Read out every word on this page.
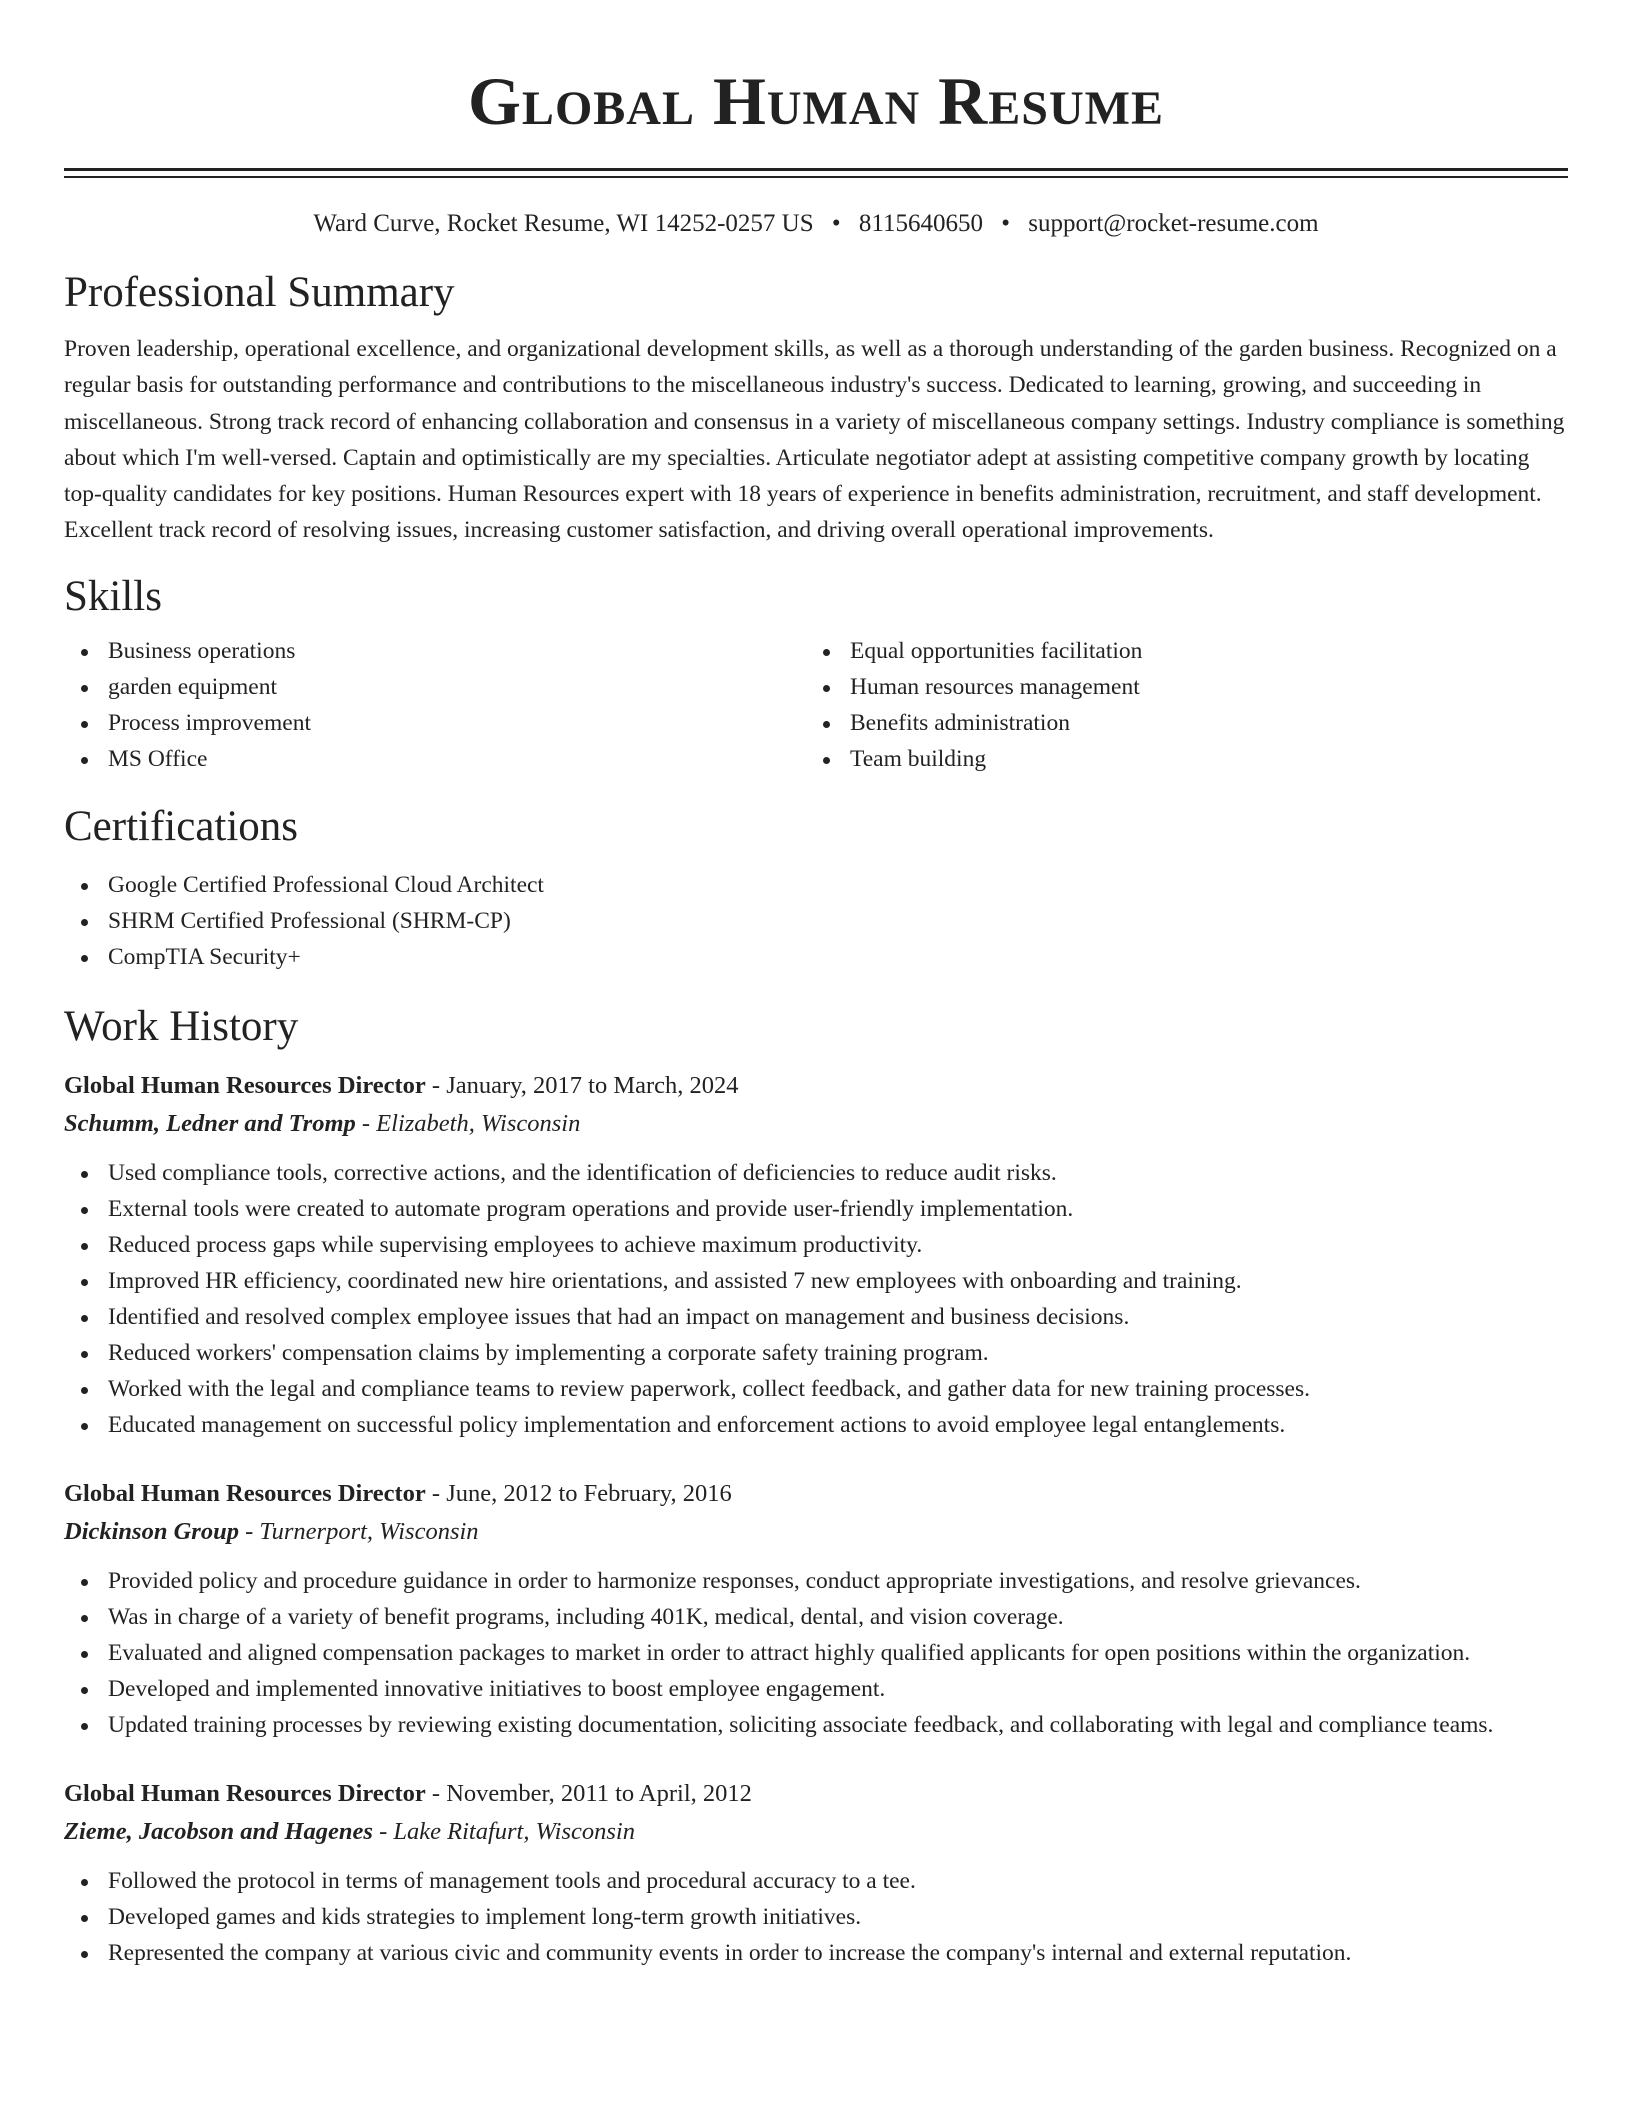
Global Human Resume
Ward Curve, Rocket Resume, WI 14252-0257 US • 8115640650 • support@rocket-resume.com
Professional Summary

Proven leadership, operational excellence, and organizational development skills, as well as a thorough understanding of the garden business. Recognized on a regular basis for outstanding performance and contributions to the miscellaneous industry's success. Dedicated to learning, growing, and succeeding in miscellaneous. Strong track record of enhancing collaboration and consensus in a variety of miscellaneous company settings. Industry compliance is something about which I'm well-versed. Captain and optimistically are my specialties. Articulate negotiator adept at assisting competitive company growth by locating top-quality candidates for key positions. Human Resources expert with 18 years of experience in benefits administration, recruitment, and staff development. Excellent track record of resolving issues, increasing customer satisfaction, and driving overall operational improvements.

Skills
Business operations
garden equipment
Process improvement
MS Office
Equal opportunities facilitation
Human resources management
Benefits administration
Team building
Certifications
Google Certified Professional Cloud Architect
SHRM Certified Professional (SHRM-CP)
CompTIA Security+
Work History
Global Human Resources Director - January, 2017 to March, 2024
Schumm, Ledner and Tromp - Elizabeth, Wisconsin
Used compliance tools, corrective actions, and the identification of deficiencies to reduce audit risks.
External tools were created to automate program operations and provide user-friendly implementation.
Reduced process gaps while supervising employees to achieve maximum productivity.
Improved HR efficiency, coordinated new hire orientations, and assisted 7 new employees with onboarding and training.
Identified and resolved complex employee issues that had an impact on management and business decisions.
Reduced workers' compensation claims by implementing a corporate safety training program.
Worked with the legal and compliance teams to review paperwork, collect feedback, and gather data for new training processes.
Educated management on successful policy implementation and enforcement actions to avoid employee legal entanglements.
Global Human Resources Director - June, 2012 to February, 2016
Dickinson Group - Turnerport, Wisconsin
Provided policy and procedure guidance in order to harmonize responses, conduct appropriate investigations, and resolve grievances.
Was in charge of a variety of benefit programs, including 401K, medical, dental, and vision coverage.
Evaluated and aligned compensation packages to market in order to attract highly qualified applicants for open positions within the organization.
Developed and implemented innovative initiatives to boost employee engagement.
Updated training processes by reviewing existing documentation, soliciting associate feedback, and collaborating with legal and compliance teams.
Global Human Resources Director - November, 2011 to April, 2012
Zieme, Jacobson and Hagenes - Lake Ritafurt, Wisconsin
Followed the protocol in terms of management tools and procedural accuracy to a tee.
Developed games and kids strategies to implement long-term growth initiatives.
Represented the company at various civic and community events in order to increase the company's internal and external reputation.
